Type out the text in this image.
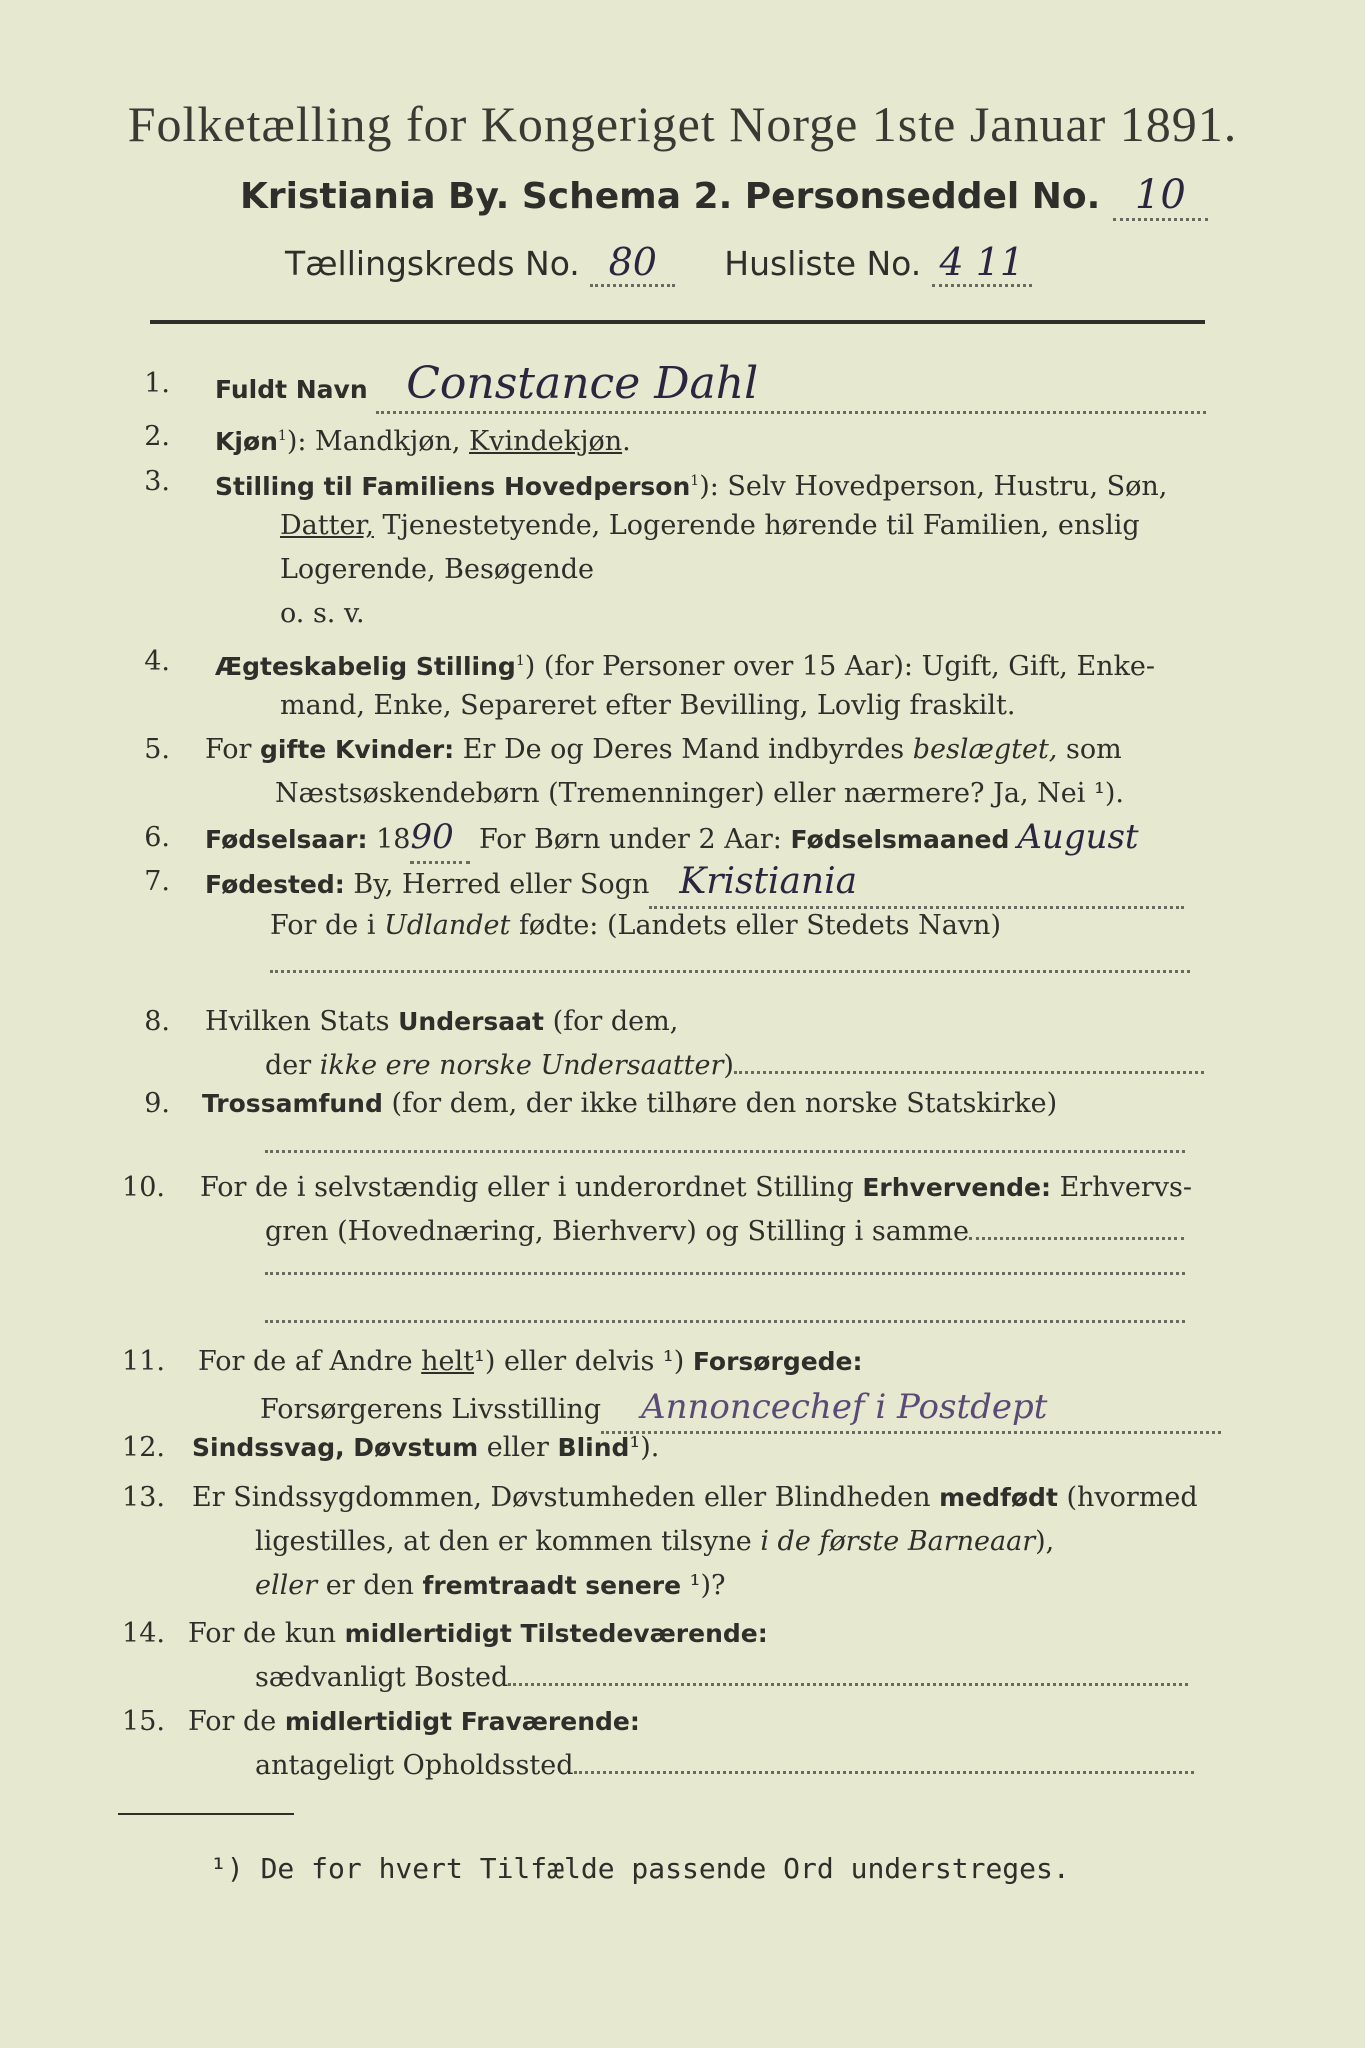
Folketælling for Kongeriget Norge 1ste Januar 1891.
Kristiania By. Schema 2. Personseddel No. 10
Tællingskreds No. 80 Husliste No. 4 11
1. Fuldt Navn Constance Dahl
2. Kjøn$^1$): Mandkjøn, Kvindekjøn.
3. Stilling til Familiens Hovedperson$^1$): Selv Hovedperson, Hustru, Søn,
Datter, Tjenestetyende, Logerende hørende til Familien, enslig
Logerende, Besøgende
o. s. v.
4. Ægteskabelig Stilling$^1$) (for Personer over 15 Aar): Ugift, Gift, Enke-
mand, Enke, Separeret efter Bevilling, Lovlig fraskilt.
5. For gifte Kvinder: Er De og Deres Mand indbyrdes beslægtet, som
Næstsøskendebørn (Tremenninger) eller nærmere? Ja, Nei ¹).
6. Fødselsaar: 1890 For Børn under 2 Aar: Fødselsmaaned August
7. Fødested: By, Herred eller Sogn Kristiania
For de i Udlandet fødte: (Landets eller Stedets Navn)
8. Hvilken Stats Undersaat (for dem,
der ikke ere norske Undersaatter)
9. Trossamfund (for dem, der ikke tilhøre den norske Statskirke)
10. For de i selvstændig eller i underordnet Stilling Erhvervende: Erhvervs-
gren (Hovednæring, Bierhverv) og Stilling i samme
11. For de af Andre helt¹) eller delvis ¹) Forsørgede:
Forsørgerens Livsstilling Annoncechef i Postdept
12. Sindssvag, Døvstum eller Blind¹).
13. Er Sindssygdommen, Døvstumheden eller Blindheden medfødt (hvormed
ligestilles, at den er kommen tilsyne i de første Barneaar),
eller er den fremtraadt senere ¹)?
14. For de kun midlertidigt Tilstedeværende:
sædvanligt Bosted
15. For de midlertidigt Fraværende:
antageligt Opholdssted
¹) De for hvert Tilfælde passende Ord understreges.
